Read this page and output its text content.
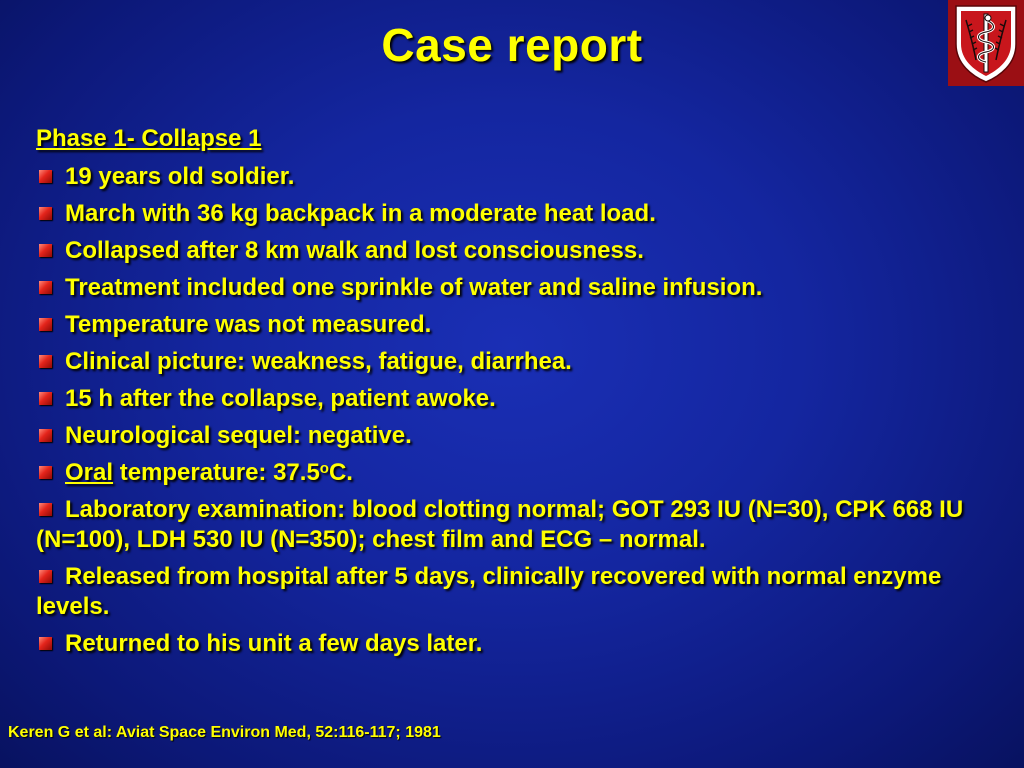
Case report
Phase 1- Collapse 1
19 years old soldier.
March with 36 kg backpack in a moderate heat load.
Collapsed after 8 km walk and lost consciousness.
Treatment included one sprinkle of water and saline infusion.
Temperature was not measured.
Clinical picture: weakness, fatigue, diarrhea.
15 h after the collapse, patient awoke.
Neurological sequel: negative.
Oral temperature: 37.5$^o$C.
Laboratory examination: blood clotting normal; GOT 293 IU (N=30), CPK 668 IU (N=100), LDH 530 IU (N=350); chest film and ECG – normal.
Released from hospital after 5 days, clinically recovered with normal enzyme levels.
Returned to his unit a few days later.
Keren G et al: Aviat Space Environ Med, 52:116-117; 1981
